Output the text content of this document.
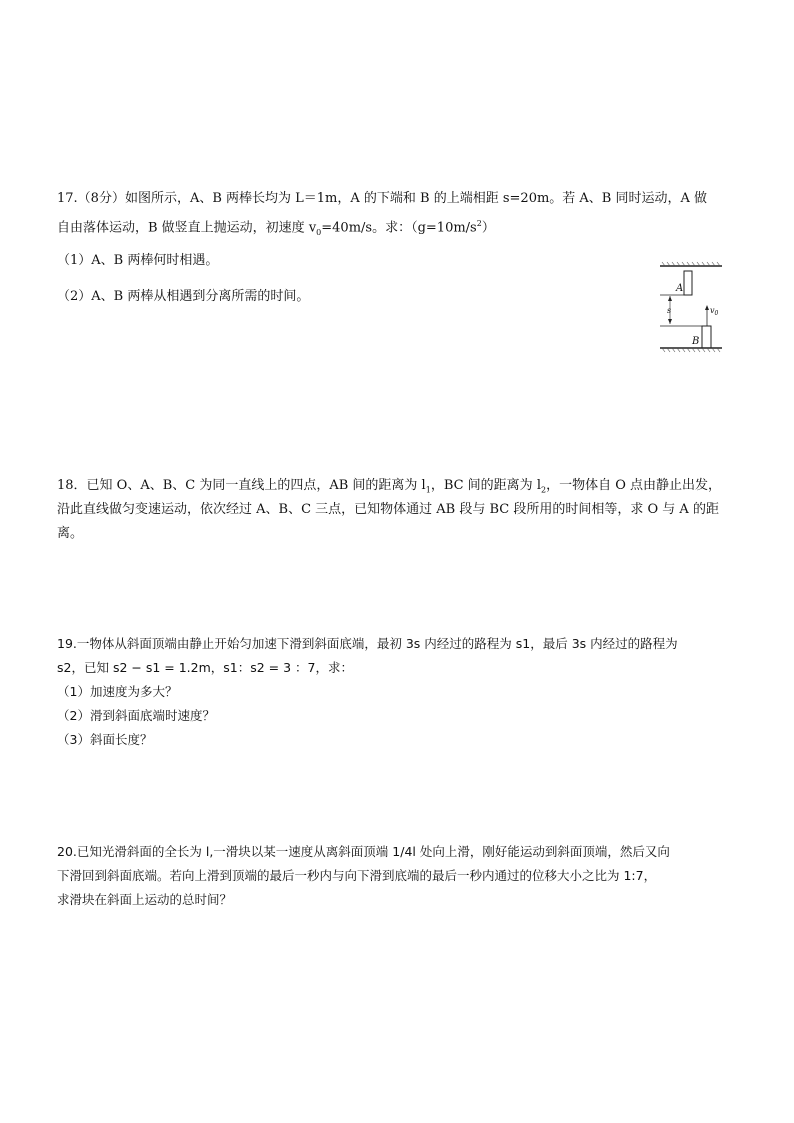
17.（8分）如图所示，A、B 两棒长均为 L＝1m，A 的下端和 B 的上端相距 s=20m。若 A、B 同时运动，A 做
自由落体运动，B 做竖直上抛运动，初速度 $v_0=40m/s$。求：$(g=10m/s^2)$
（1）A、B 两棒何时相遇。
（2）A、B 两棒从相遇到分离所需的时间。
A
s	$v_0$
B
18．已知 O、A、B、C 为同一直线上的四点，AB 间的距离为 $l_1$，BC 间的距离为 $l_2$，一物体自 O 点由静止出发，
沿此直线做匀变速运动，依次经过 A、B、C 三点，已知物体通过 AB 段与 BC 段所用的时间相等，求 O 与 A 的距
离。
19.一物体从斜面顶端由静止开始匀加速下滑到斜面底端，最初 3s 内经过的路程为 s1，最后 3s 内经过的路程为
s2，已知 s2 − s1 = 1.2m，s1：s2 = 3 ：7，求：
（1）加速度为多大？
（2）滑到斜面底端时速度？
（3）斜面长度？
20.已知光滑斜面的全长为 l,一滑块以某一速度从离斜面顶端 1/4l 处向上滑，刚好能运动到斜面顶端，然后又向
下滑回到斜面底端。若向上滑到顶端的最后一秒内与向下滑到底端的最后一秒内通过的位移大小之比为 1:7，
求滑块在斜面上运动的总时间？
